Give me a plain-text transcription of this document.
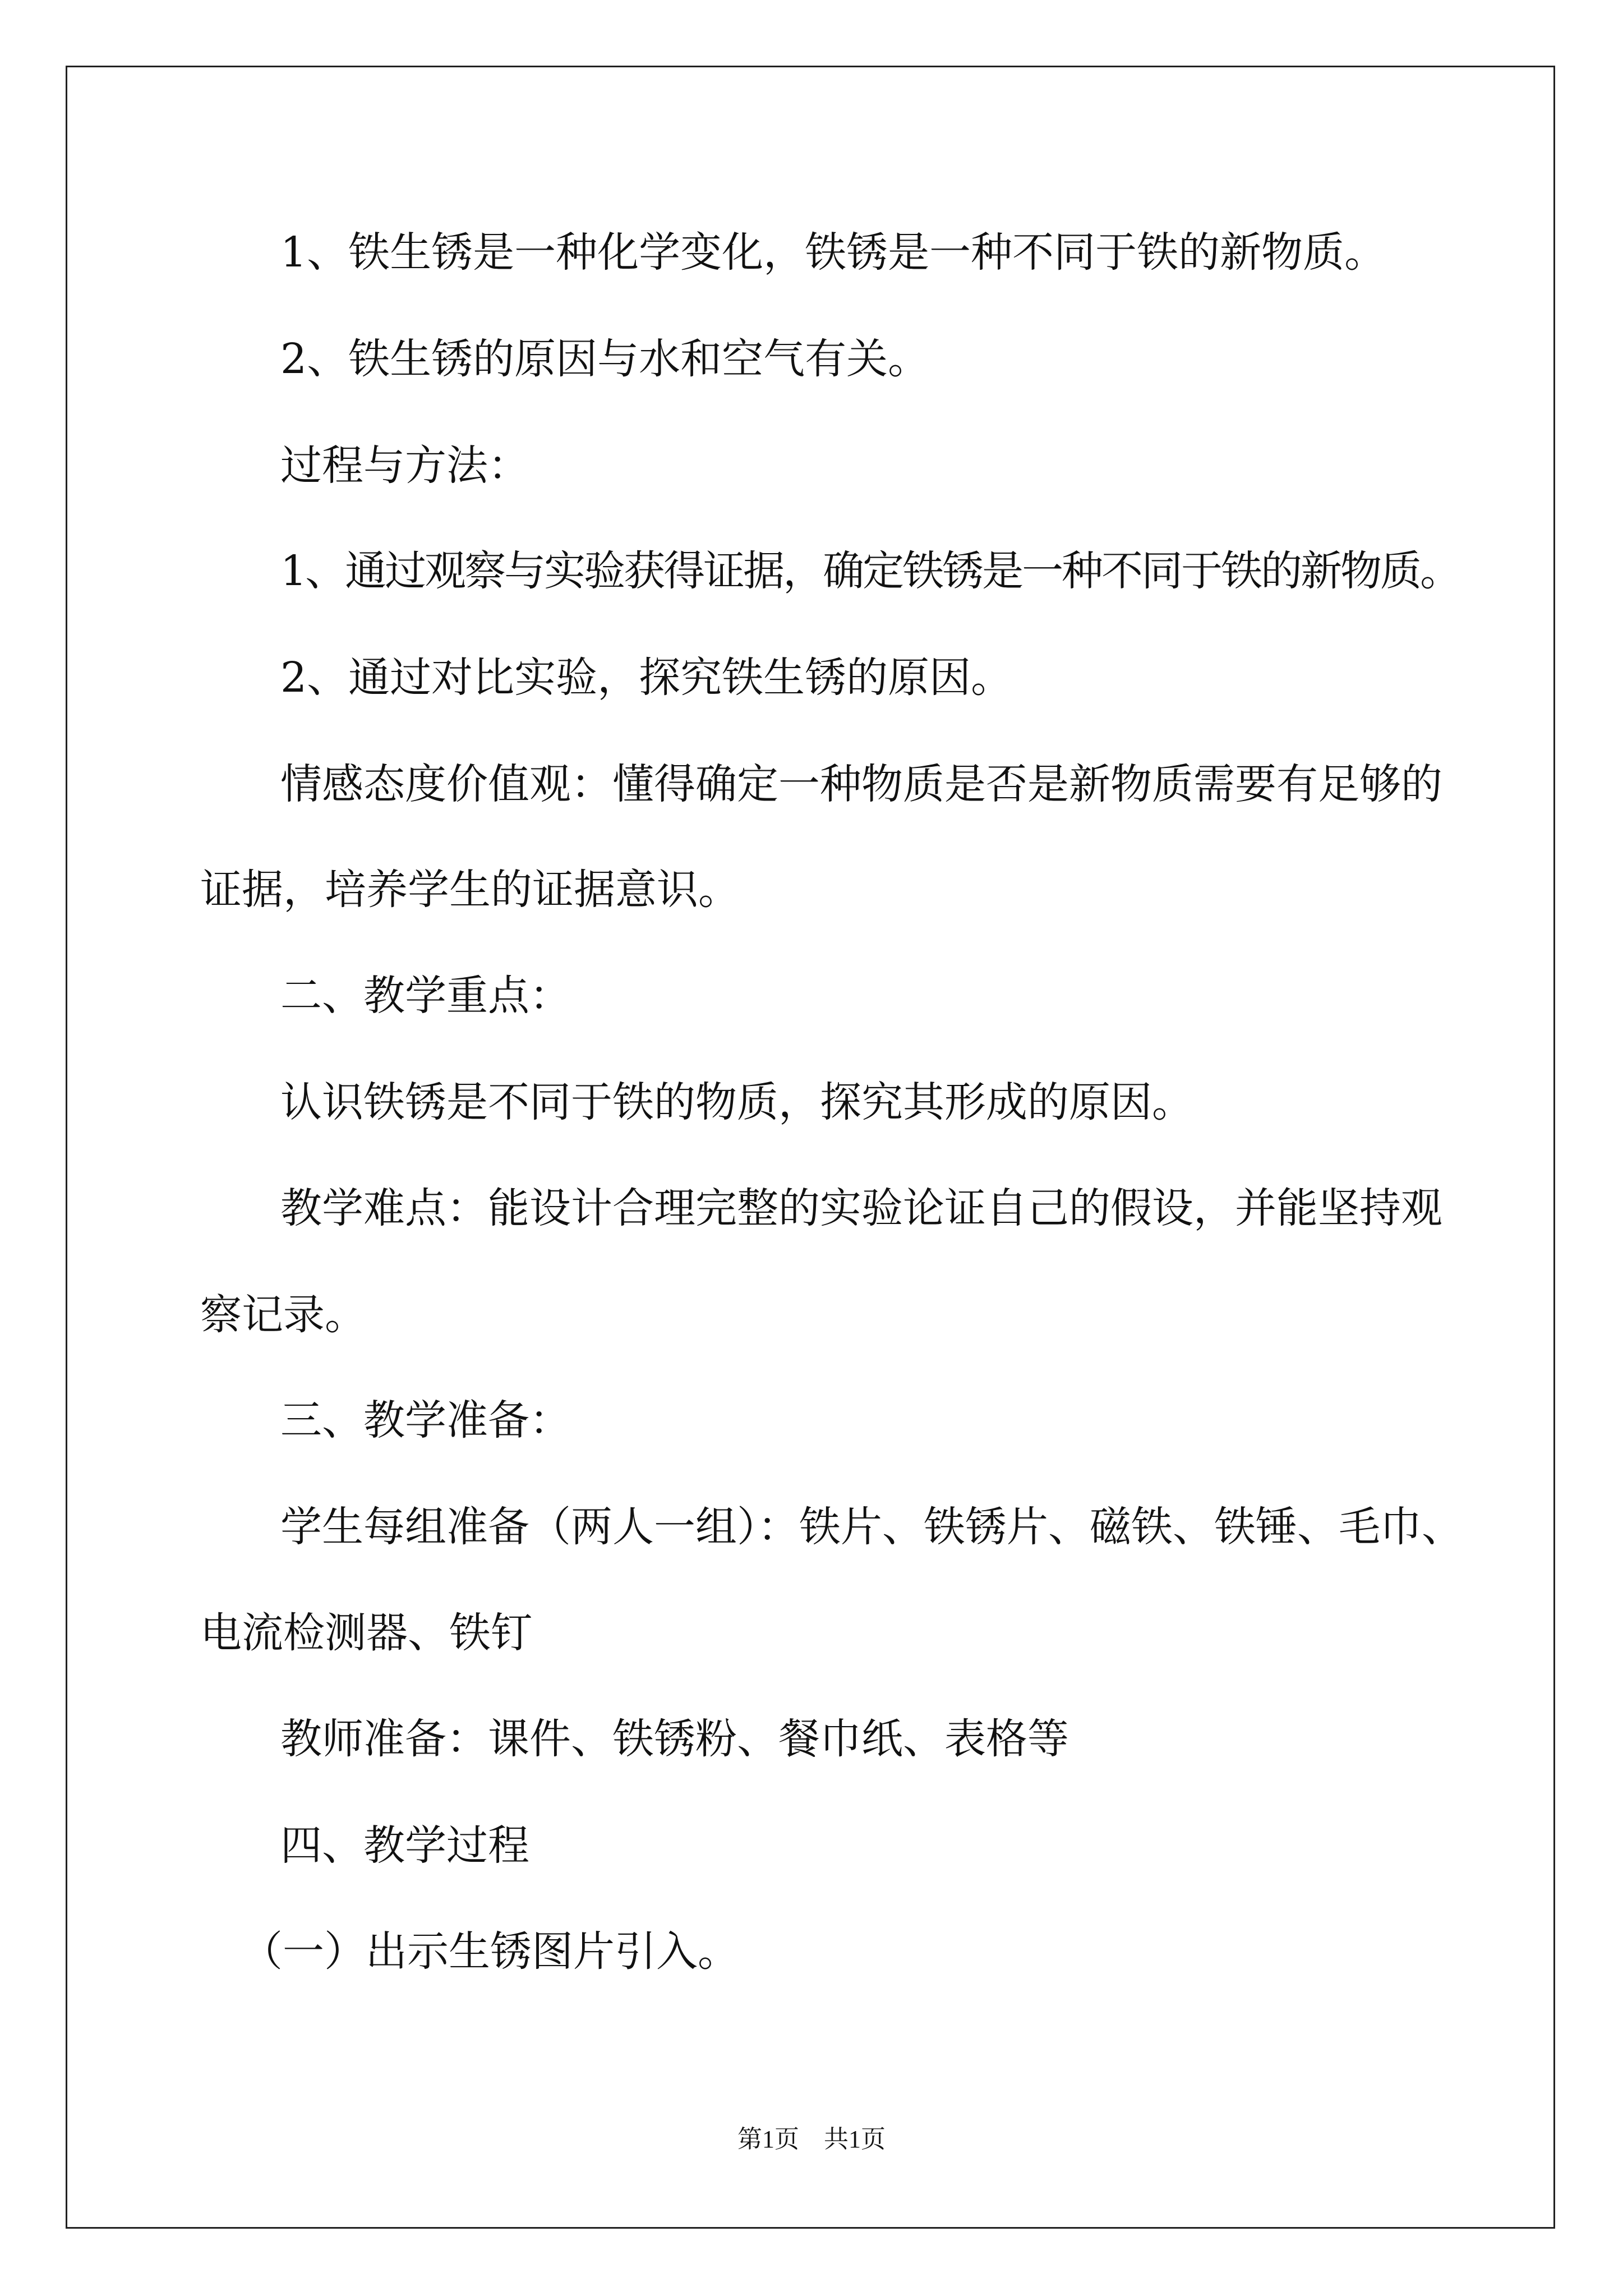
1、铁生锈是一种化学变化，铁锈是一种不同于铁的新物质。
2、铁生锈的原因与水和空气有关。
过程与方法：
1、通过观察与实验获得证据，确定铁锈是一种不同于铁的新物质。
2、通过对比实验，探究铁生锈的原因。
情感态度价值观：懂得确定一种物质是否是新物质需要有足够的
证据，培养学生的证据意识。
二、教学重点：
认识铁锈是不同于铁的物质，探究其形成的原因。
教学难点：能设计合理完整的实验论证自己的假设，并能坚持观
察记录。
三、教学准备：
学生每组准备（两人一组）：铁片、铁锈片、磁铁、铁锤、毛巾、
电流检测器、铁钉
教师准备：课件、铁锈粉、餐巾纸、表格等
四、教学过程
（一）出示生锈图片引入。
第1页　共1页
